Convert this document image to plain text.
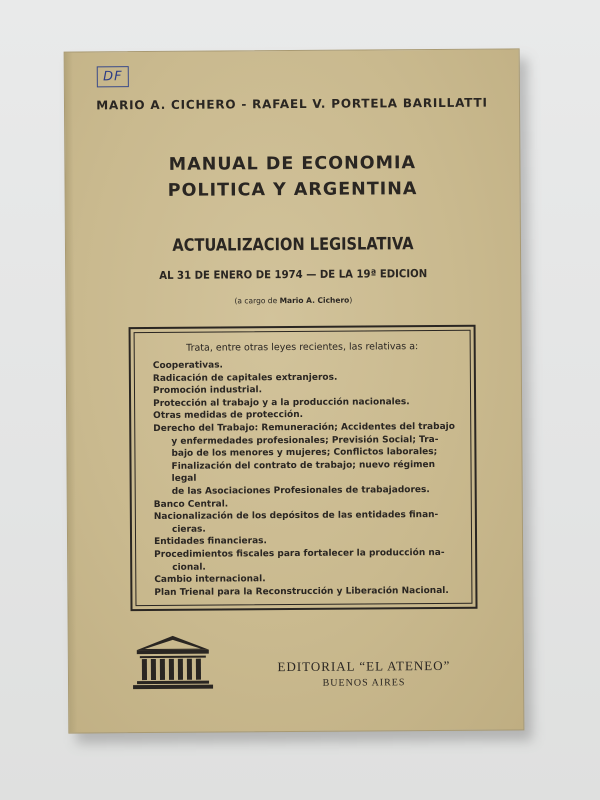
DF
MARIO A. CICHERO - RAFAEL V. PORTELA BARILLATTI
MANUAL DE ECONOMIA
POLITICA Y ARGENTINA
ACTUALIZACION LEGISLATIVA
AL 31 DE ENERO DE 1974 — DE LA 19ª EDICION
(a cargo de Mario A. Cichero)
Trata, entre otras leyes recientes, las relativas a:
Cooperativas.
Radicación de capitales extranjeros.
Promoción industrial.
Protección al trabajo y a la producción nacionales.
Otras medidas de protección.
Derecho del Trabajo: Remuneración; Accidentes del trabajo
y enfermedades profesionales; Previsión Social; Tra-
bajo de los menores y mujeres; Conflictos laborales;
Finalización del contrato de trabajo; nuevo régimen legal
de las Asociaciones Profesionales de trabajadores.
Banco Central.
Nacionalización de los depósitos de las entidades finan-
cieras.
Entidades financieras.
Procedimientos fiscales para fortalecer la producción na-
cional.
Cambio internacional.
Plan Trienal para la Reconstrucción y Liberación Nacional.
EDITORIAL “EL ATENEO”
BUENOS AIRES
